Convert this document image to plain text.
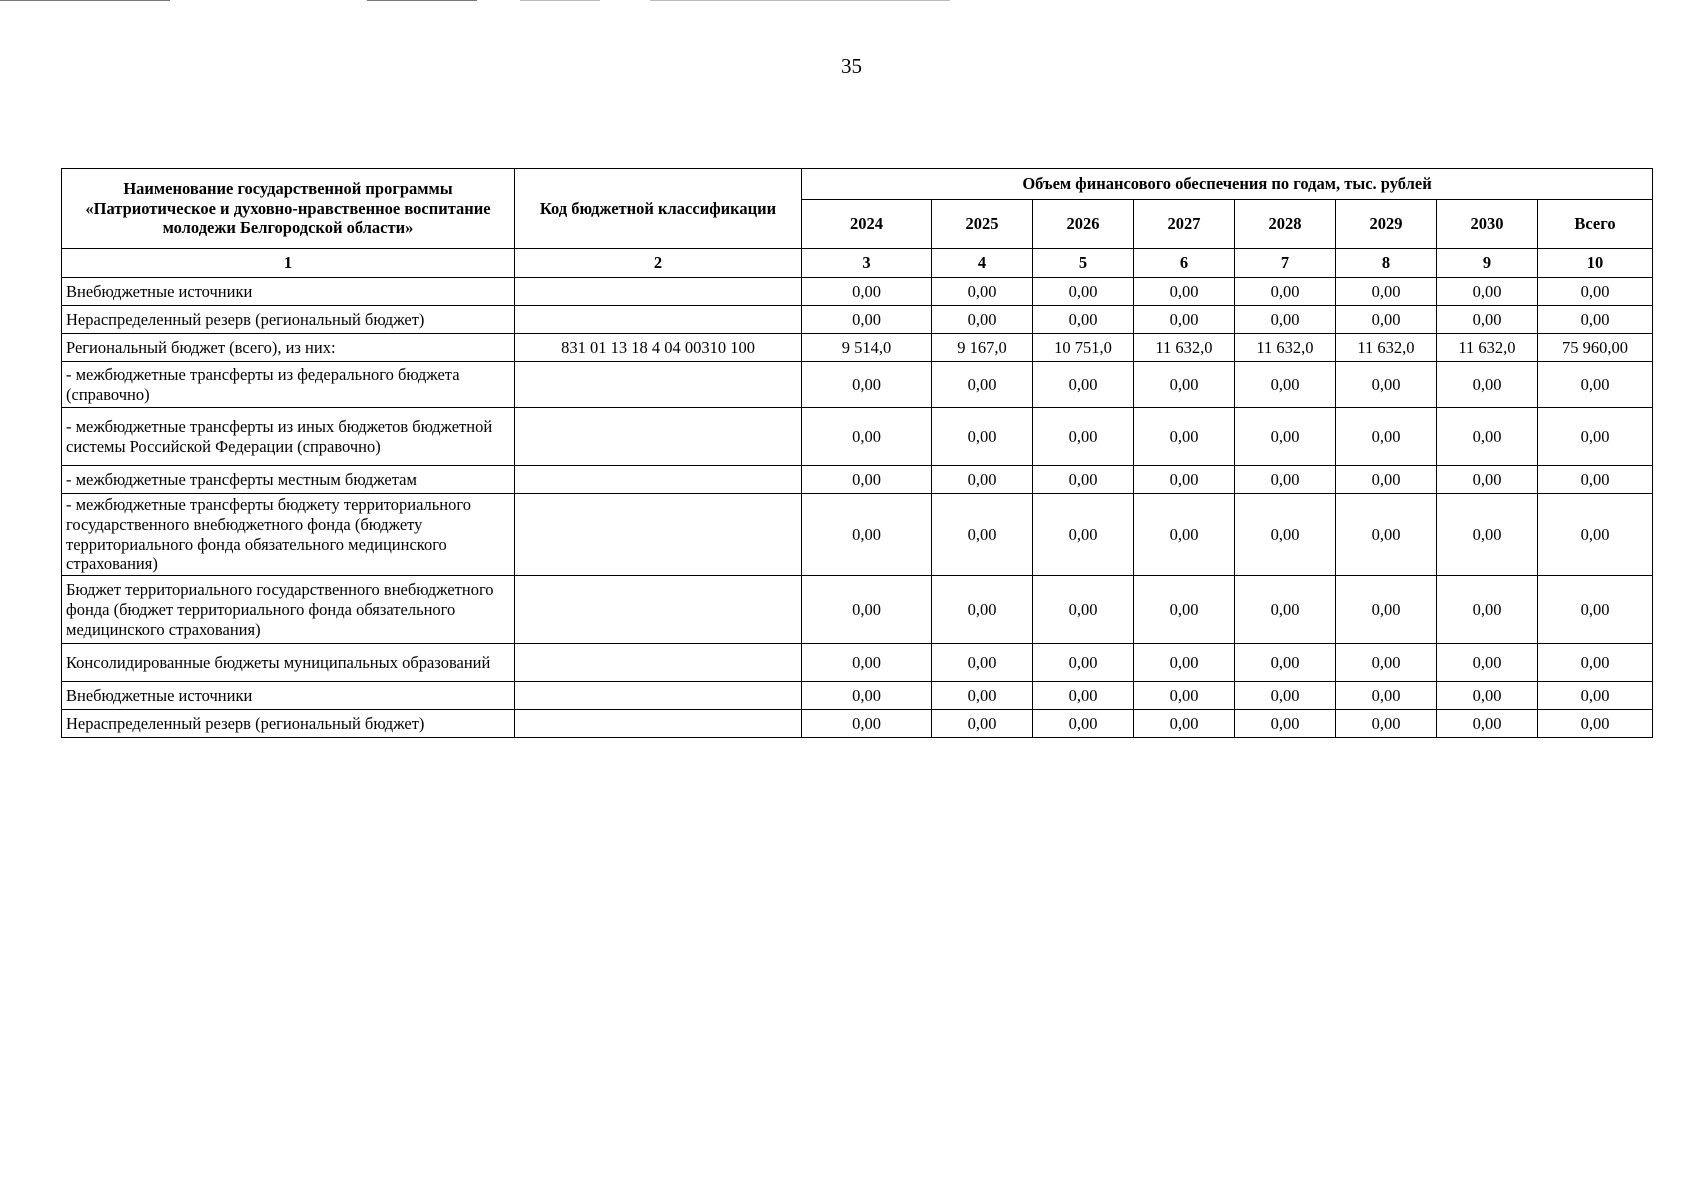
35
Наименование государственной программы «Патриотическое и духовно-нравственное воспитание молодежи Белгородской области»	Код бюджетной классификации	Объем финансового обеспечения по годам, тыс. рублей							
		2024	2025	2026	2027	2028	2029	2030	Всего
1	2	3	4	5	6	7	8	9	10
Внебюджетные источники		0,00	0,00	0,00	0,00	0,00	0,00	0,00	0,00
Нераспределенный резерв (региональный бюджет)		0,00	0,00	0,00	0,00	0,00	0,00	0,00	0,00
Региональный бюджет (всего), из них:	831 01 13 18 4 04 00310 100	9 514,0	9 167,0	10 751,0	11 632,0	11 632,0	11 632,0	11 632,0	75 960,00
- межбюджетные трансферты из федерального бюджета (справочно)		0,00	0,00	0,00	0,00	0,00	0,00	0,00	0,00
- межбюджетные трансферты из иных бюджетов бюджетной системы Российской Федерации (справочно)		0,00	0,00	0,00	0,00	0,00	0,00	0,00	0,00
- межбюджетные трансферты местным бюджетам		0,00	0,00	0,00	0,00	0,00	0,00	0,00	0,00
- межбюджетные трансферты бюджету территориального государственного внебюджетного фонда (бюджету территориального фонда обязательного медицинского страхования)		0,00	0,00	0,00	0,00	0,00	0,00	0,00	0,00
Бюджет территориального государственного внебюджетного фонда (бюджет территориального фонда обязательного медицинского страхования)		0,00	0,00	0,00	0,00	0,00	0,00	0,00	0,00
Консолидированные бюджеты муниципальных образований		0,00	0,00	0,00	0,00	0,00	0,00	0,00	0,00
Внебюджетные источники		0,00	0,00	0,00	0,00	0,00	0,00	0,00	0,00
Нераспределенный резерв (региональный бюджет)		0,00	0,00	0,00	0,00	0,00	0,00	0,00	0,00
